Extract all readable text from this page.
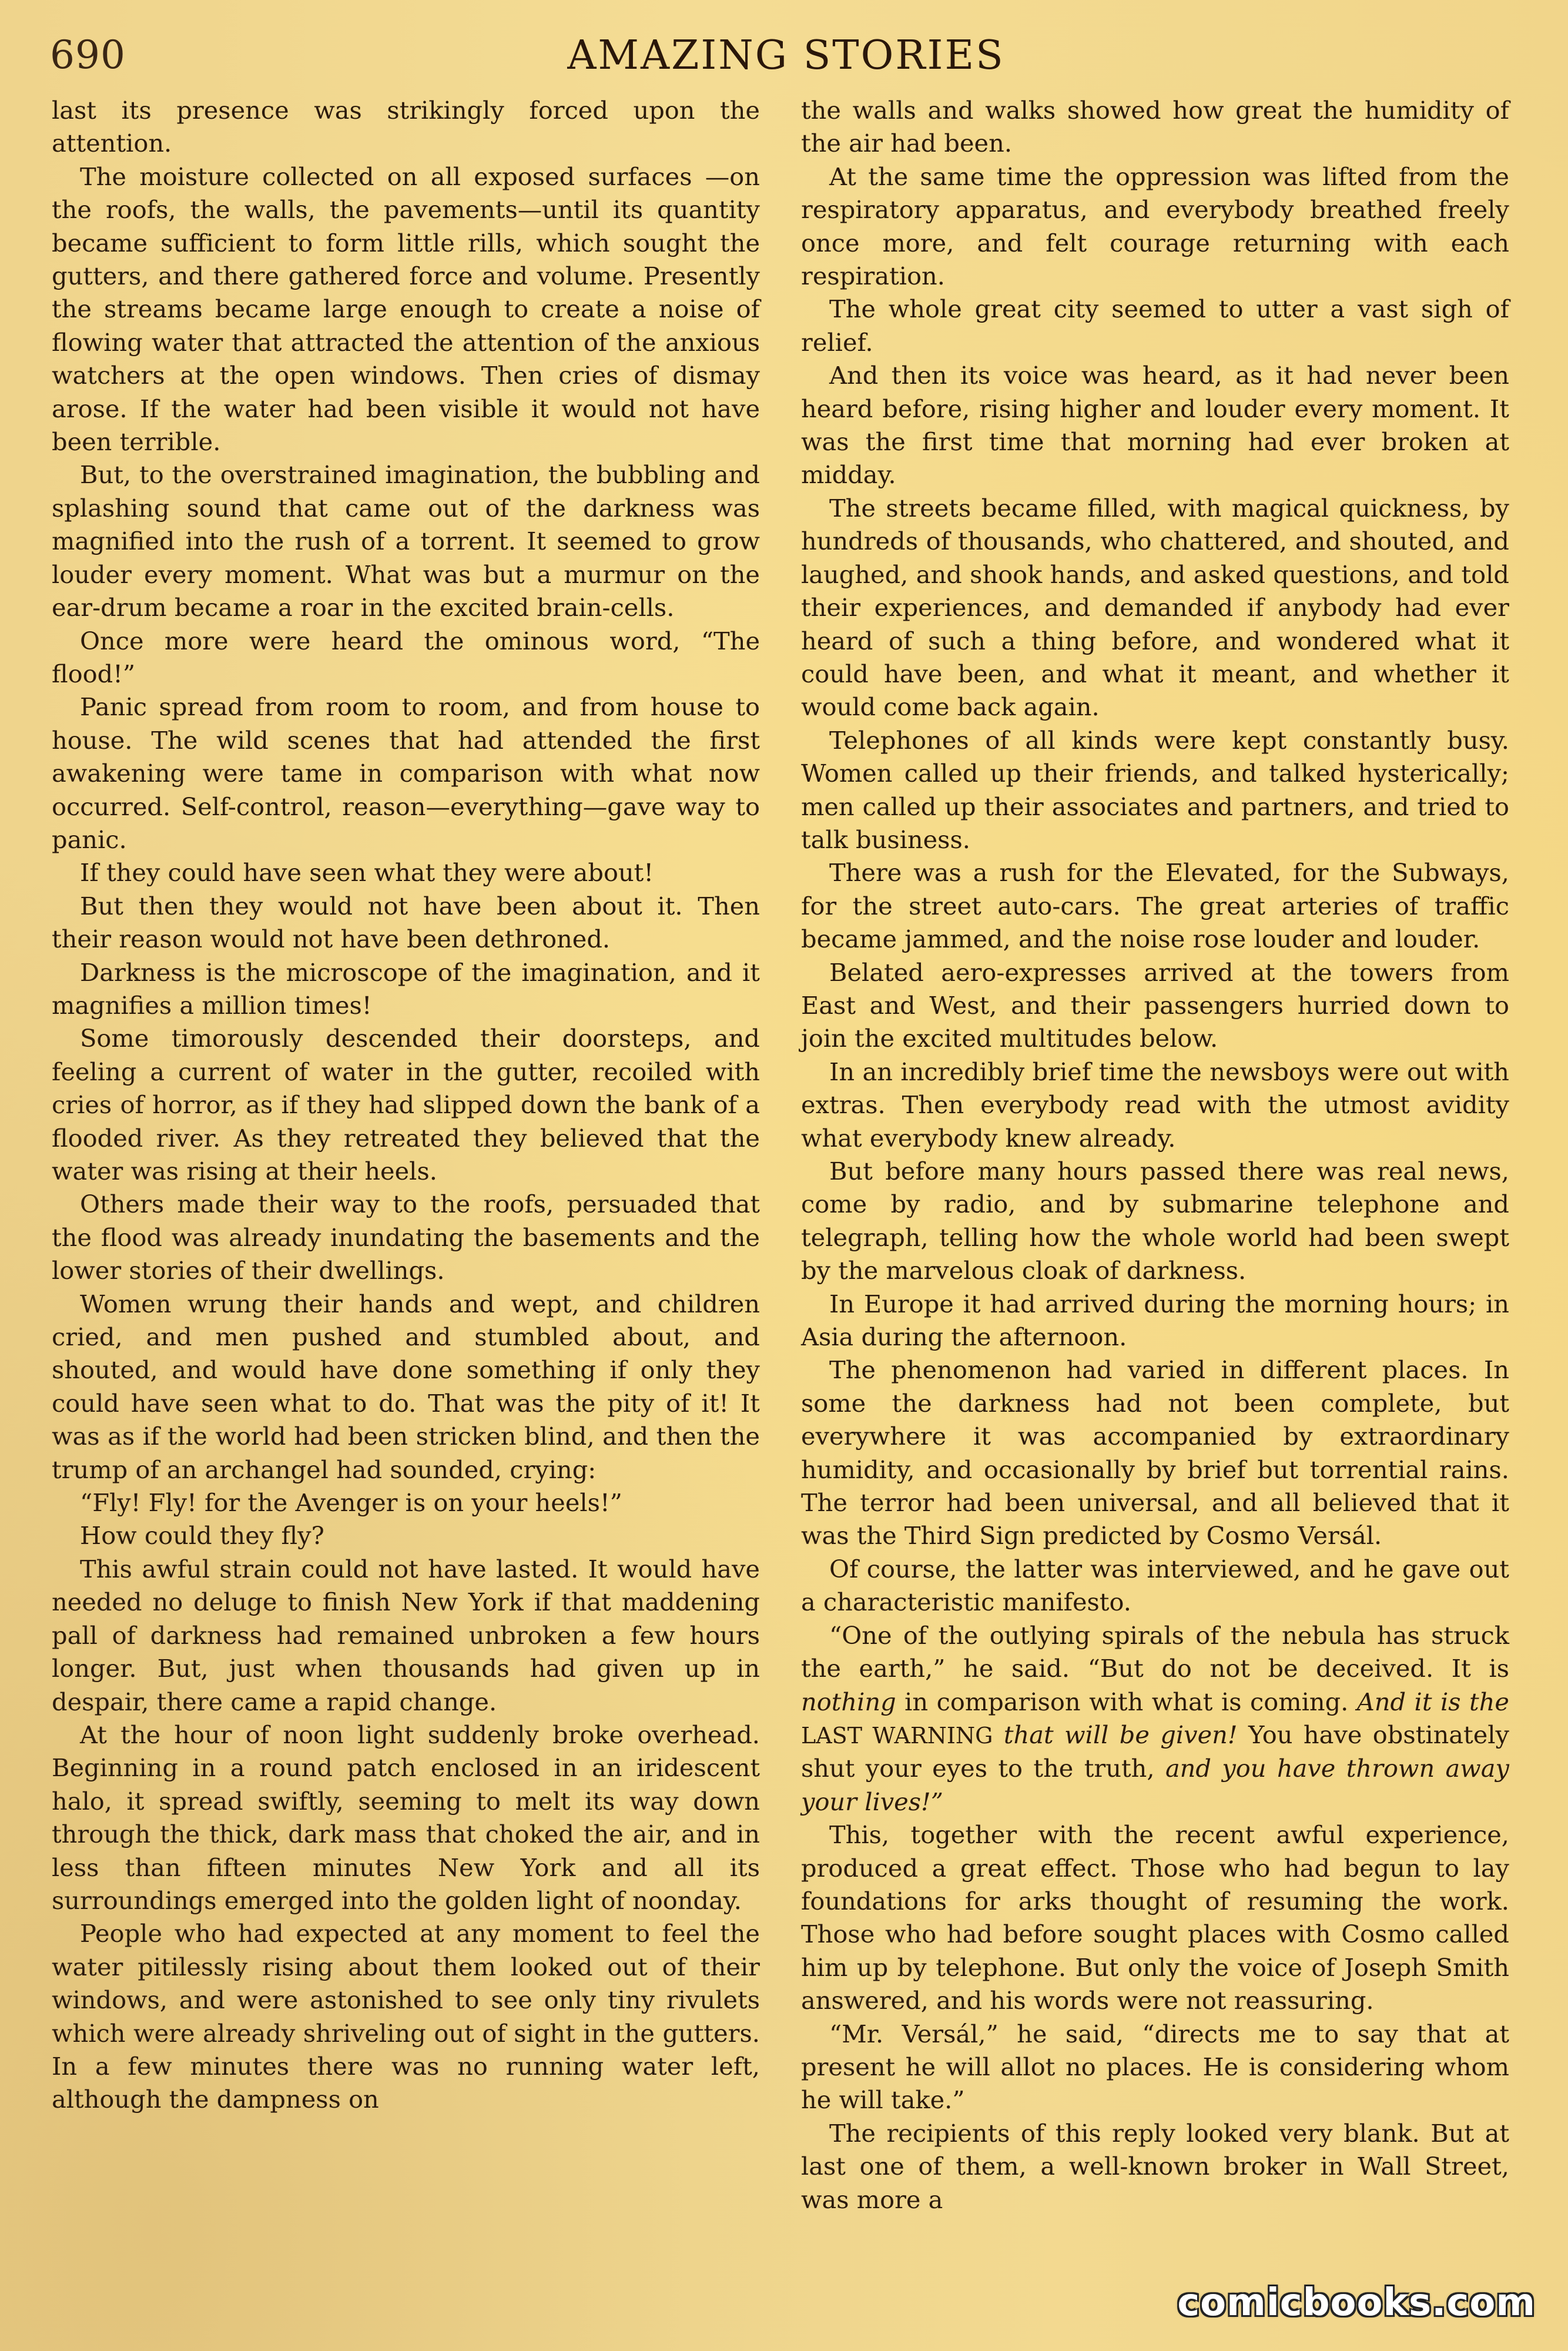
690	AMAZING STORIES

last its presence was strikingly forced upon the attention.

The moisture collected on all exposed surfaces —on the roofs, the walls, the pavements—until its quantity became sufficient to form little rills, which sought the gutters, and there gathered force and volume. Presently the streams became large enough to create a noise of flowing water that attracted the attention of the anxious watchers at the open windows. Then cries of dismay arose. If the water had been visible it would not have been terrible.

But, to the overstrained imagination, the bubbling and splashing sound that came out of the darkness was magnified into the rush of a torrent. It seemed to grow louder every moment. What was but a murmur on the ear-drum became a roar in the excited brain-cells.

Once more were heard the ominous word, “The flood!”

Panic spread from room to room, and from house to house. The wild scenes that had attended the first awakening were tame in comparison with what now occurred. Self-control, reason—everything—gave way to panic.

If they could have seen what they were about!

But then they would not have been about it. Then their reason would not have been dethroned.

Darkness is the microscope of the imagination, and it magnifies a million times!

Some timorously descended their doorsteps, and feeling a current of water in the gutter, recoiled with cries of horror, as if they had slipped down the bank of a flooded river. As they retreated they believed that the water was rising at their heels.

Others made their way to the roofs, persuaded that the flood was already inundating the basements and the lower stories of their dwellings.

Women wrung their hands and wept, and children cried, and men pushed and stumbled about, and shouted, and would have done something if only they could have seen what to do. That was the pity of it! It was as if the world had been stricken blind, and then the trump of an archangel had sounded, crying:

“Fly! Fly! for the Avenger is on your heels!”

How could they fly?

This awful strain could not have lasted. It would have needed no deluge to finish New York if that maddening pall of darkness had remained unbroken a few hours longer. But, just when thousands had given up in despair, there came a rapid change.

At the hour of noon light suddenly broke overhead. Beginning in a round patch enclosed in an iridescent halo, it spread swiftly, seeming to melt its way down through the thick, dark mass that choked the air, and in less than fifteen minutes New York and all its surroundings emerged into the golden light of noonday.

People who had expected at any moment to feel the water pitilessly rising about them looked out of their windows, and were astonished to see only tiny rivulets which were already shriveling out of sight in the gutters. In a few minutes there was no running water left, although the dampness on

the walls and walks showed how great the humidity of the air had been.

At the same time the oppression was lifted from the respiratory apparatus, and everybody breathed freely once more, and felt courage returning with each respiration.

The whole great city seemed to utter a vast sigh of relief.

And then its voice was heard, as it had never been heard before, rising higher and louder every moment. It was the first time that morning had ever broken at midday.

The streets became filled, with magical quickness, by hundreds of thousands, who chattered, and shouted, and laughed, and shook hands, and asked questions, and told their experiences, and demanded if anybody had ever heard of such a thing before, and wondered what it could have been, and what it meant, and whether it would come back again.

Telephones of all kinds were kept constantly busy. Women called up their friends, and talked hysterically; men called up their associates and partners, and tried to talk business.

There was a rush for the Elevated, for the Subways, for the street auto-cars. The great arteries of traffic became jammed, and the noise rose louder and louder.

Belated aero-expresses arrived at the towers from East and West, and their passengers hurried down to join the excited multitudes below.

In an incredibly brief time the newsboys were out with extras. Then everybody read with the utmost avidity what everybody knew already.

But before many hours passed there was real news, come by radio, and by submarine telephone and telegraph, telling how the whole world had been swept by the marvelous cloak of darkness.

In Europe it had arrived during the morning hours; in Asia during the afternoon.

The phenomenon had varied in different places. In some the darkness had not been complete, but everywhere it was accompanied by extraordinary humidity, and occasionally by brief but torrential rains. The terror had been universal, and all believed that it was the Third Sign predicted by Cosmo Versál.

Of course, the latter was interviewed, and he gave out a characteristic manifesto.

“One of the outlying spirals of the nebula has struck the earth,” he said. “But do not be deceived. It is nothing in comparison with what is coming. And it is the LAST WARNING that will be given! You have obstinately shut your eyes to the truth, and you have thrown away your lives!”

This, together with the recent awful experience, produced a great effect. Those who had begun to lay foundations for arks thought of resuming the work. Those who had before sought places with Cosmo called him up by telephone. But only the voice of Joseph Smith answered, and his words were not reassuring.

“Mr. Versál,” he said, “directs me to say that at present he will allot no places. He is considering whom he will take.”

The recipients of this reply looked very blank. But at last one of them, a well-known broker in Wall Street, was more a

comicbooks.com
